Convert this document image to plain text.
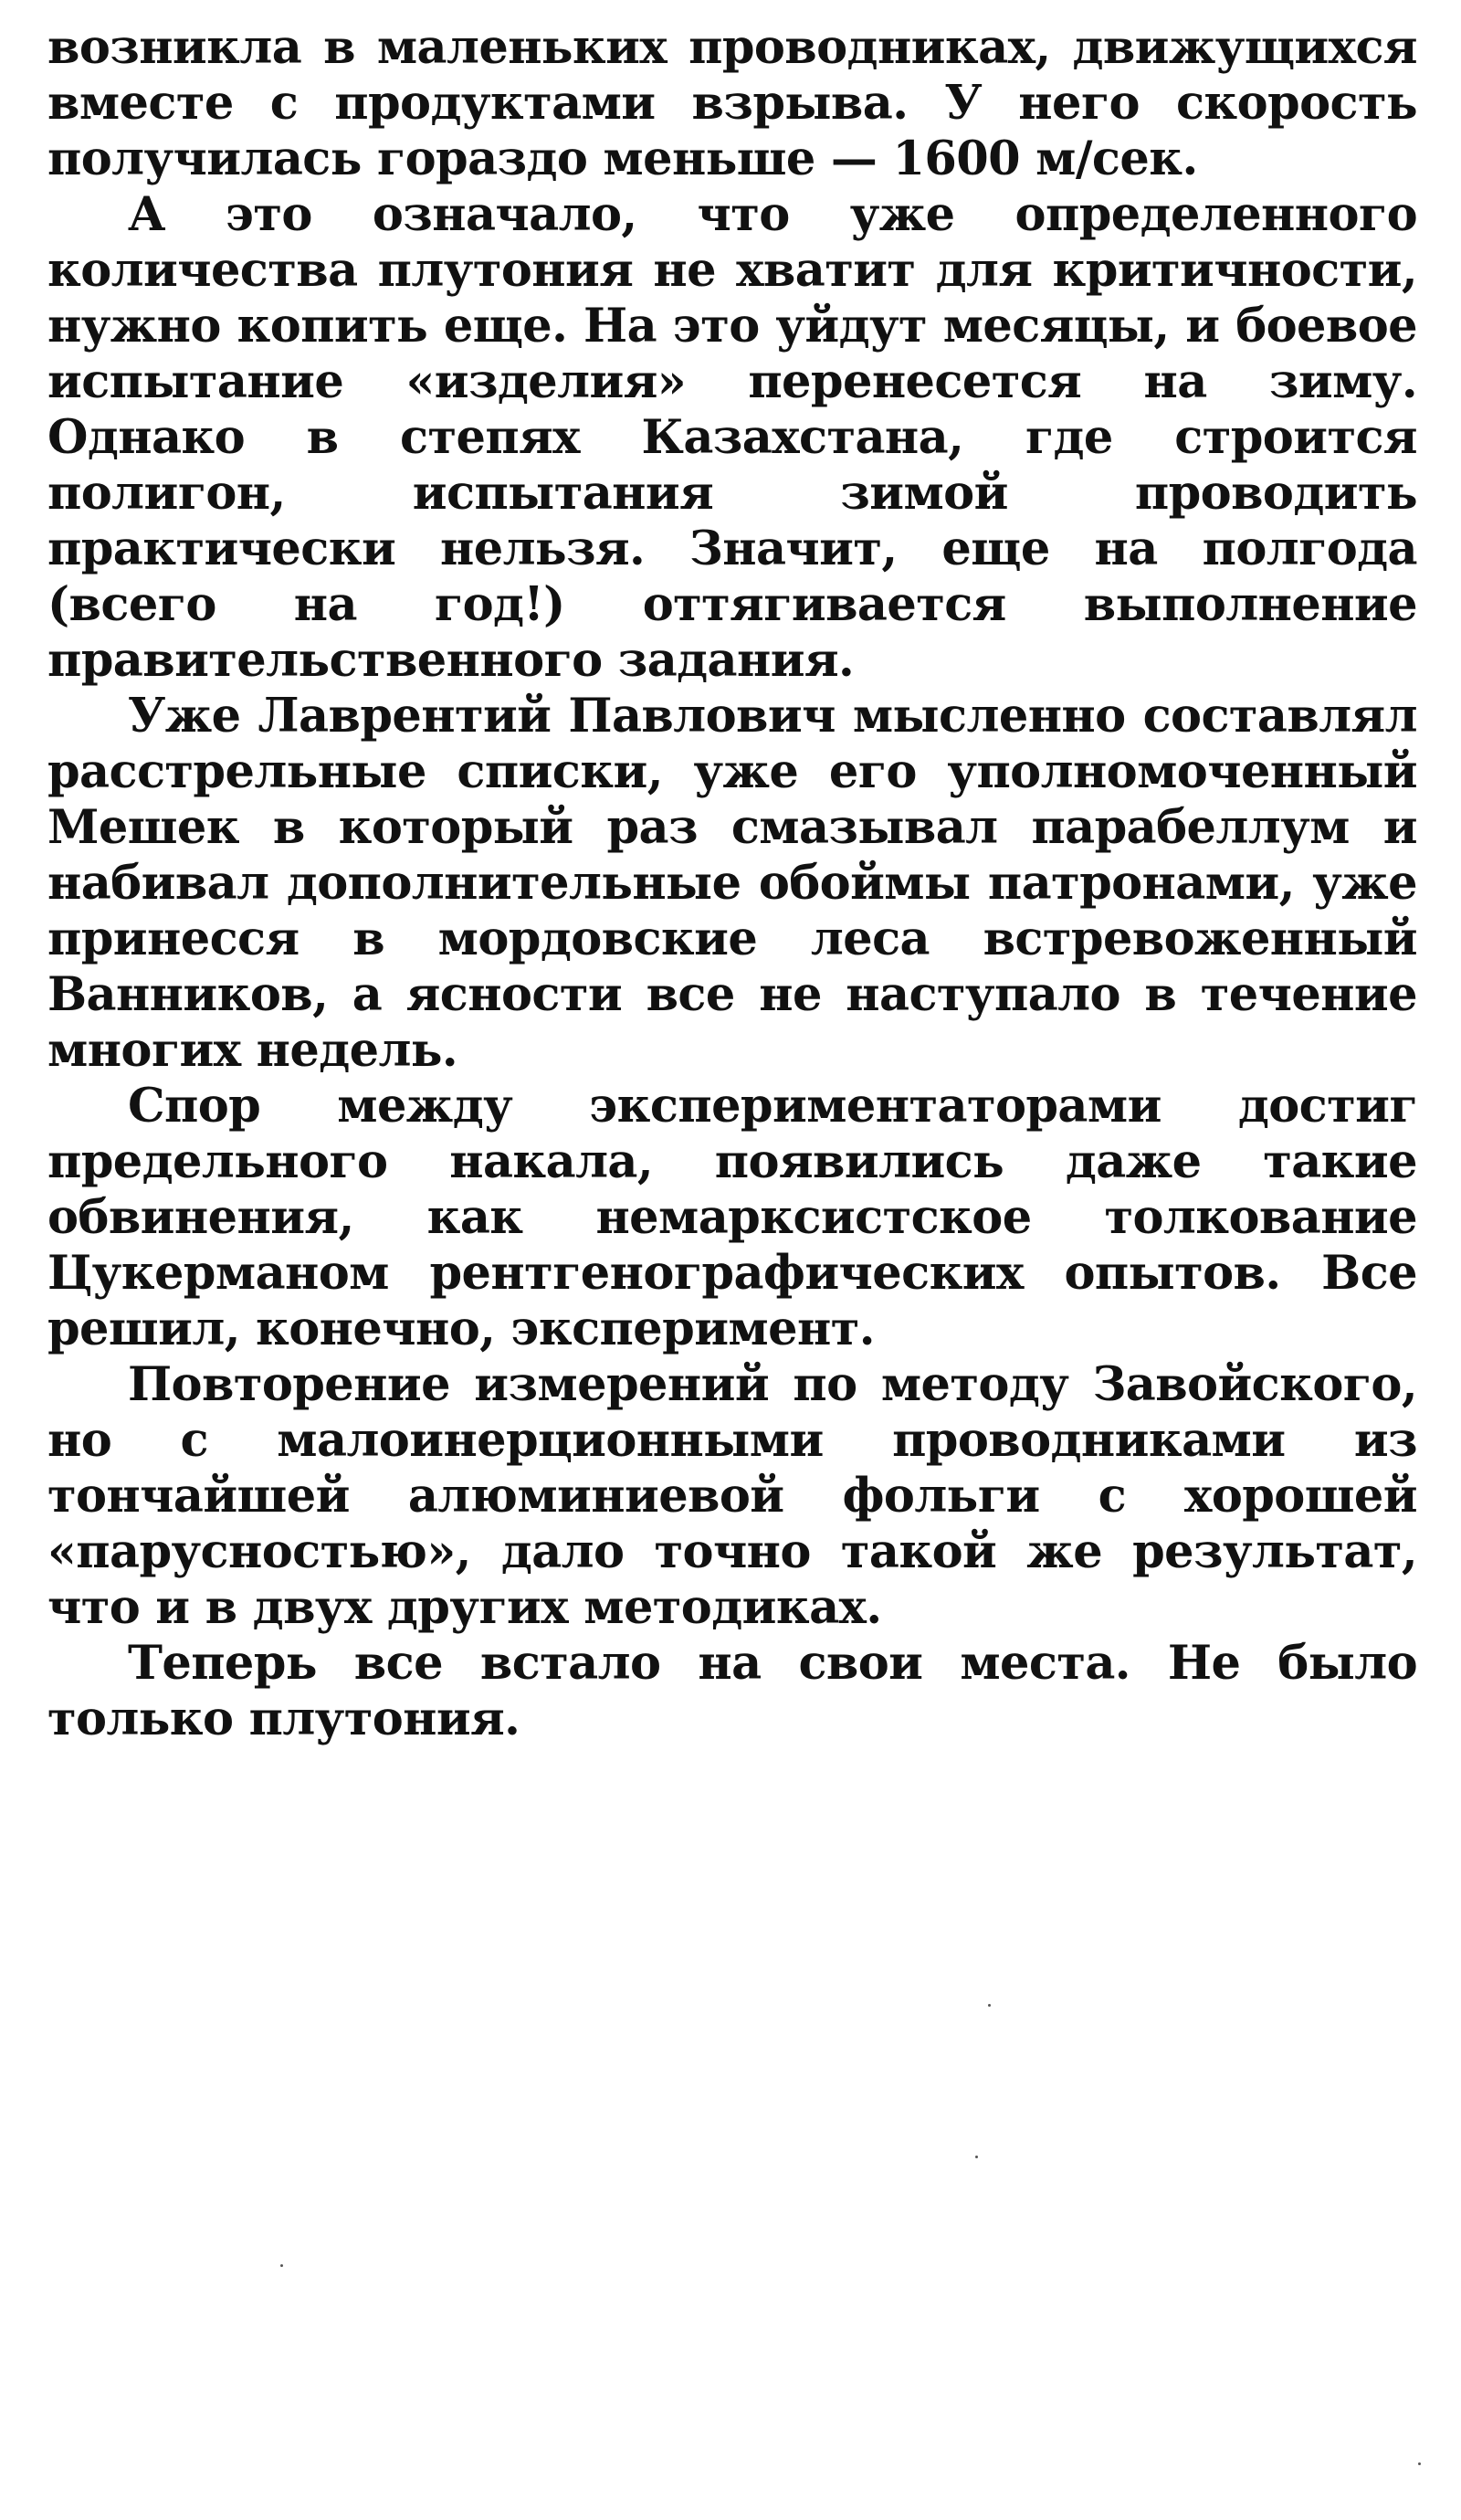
возникла в маленьких проводниках, движущихся вместе с продуктами взрыва. У него скорость получилась гораздо меньше — 1600 м/сек.

А это означало, что уже определенного количества плутония не хватит для критичности, нужно копить еще. На это уйдут месяцы, и боевое испытание «изделия» перенесется на зиму. Однако в степях Казахстана, где строится полигон, испытания зимой проводить практически нельзя. Значит, еще на полгода (всего на год!) оттягивается выполнение правительственного задания.

Уже Лаврентий Павлович мысленно составлял расстрельные списки, уже его уполномоченный Мешек в который раз смазывал парабеллум и набивал дополнительные обоймы патронами, уже принесся в мордовские леса встревоженный Ванников, а ясности все не наступало в течение многих недель.

Спор между экспериментаторами достиг предельного накала, появились даже такие обвинения, как немарксистское толкование Цукерманом рентгенографических опытов. Все решил, конечно, эксперимент.

Повторение измерений по методу Завойского, но с малоинерционными проводниками из тончайшей алюминиевой фольги с хорошей «парусностью», дало точно такой же результат, что и в двух других методиках.

Теперь все встало на свои места. Не было только плутония.
